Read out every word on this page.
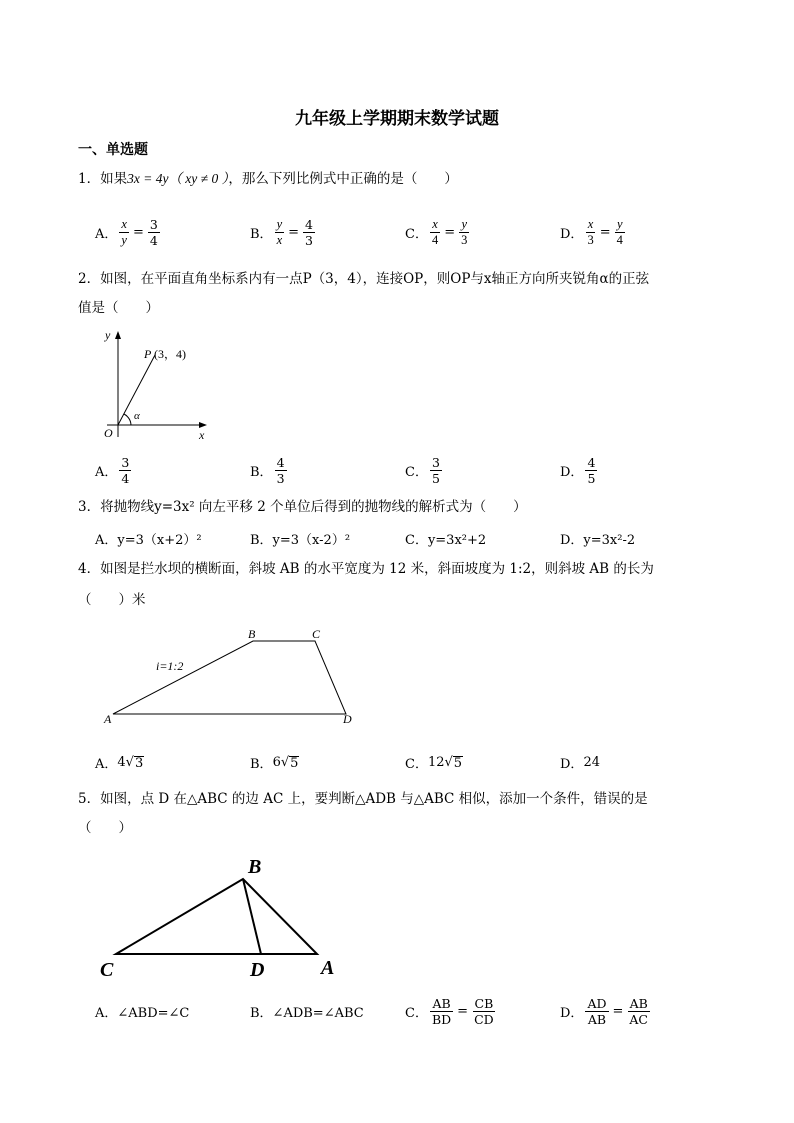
九年级上学期期末数学试题
一、单选题
1．如果3x = 4y（ xy ≠ 0 ），那么下列比例式中正确的是（　　）
A． $\frac{x}{y} = \frac{3}{4}$	B． $\frac{y}{x} = \frac{4}{3}$	C． $\frac{x}{4} = \frac{y}{3}$	D． $\frac{x}{3} = \frac{y}{4}$
2．如图，在平面直角坐标系内有一点P（3，4），连接OP，则OP与x轴正方向所夹锐角α的正弦
值是（　　）
y
x
O
P (3，4)
α
A． $\frac{3}{4}$	B． $\frac{4}{3}$	C． $\frac{3}{5}$	D． $\frac{4}{5}$
3．将抛物线y=3x² 向左平移 2 个单位后得到的抛物线的解析式为（　　）
A．y=3（x+2）²	B．y=3（x-2）²	C．y=3x²+2	D．y=3x²-2
4．如图是拦水坝的横断面，斜坡 AB 的水平宽度为 12 米，斜面坡度为 1:2，则斜坡 AB 的长为
（　　）米
A
B	C
D
i=1:2
A． 4 √ 3	B． 6 √ 5	C． 12 √ 5	D． 24
5．如图，点 D 在△ABC 的边 AC 上，要判断△ADB 与△ABC 相似，添加一个条件，错误的是
（　　）
B
C	D	A
A．∠ABD=∠C	B．∠ADB=∠ABC	C． $\frac{AB}{BD} = \frac{CB}{CD}$	D． $\frac{AD}{AB} = \frac{AB}{AC}$
